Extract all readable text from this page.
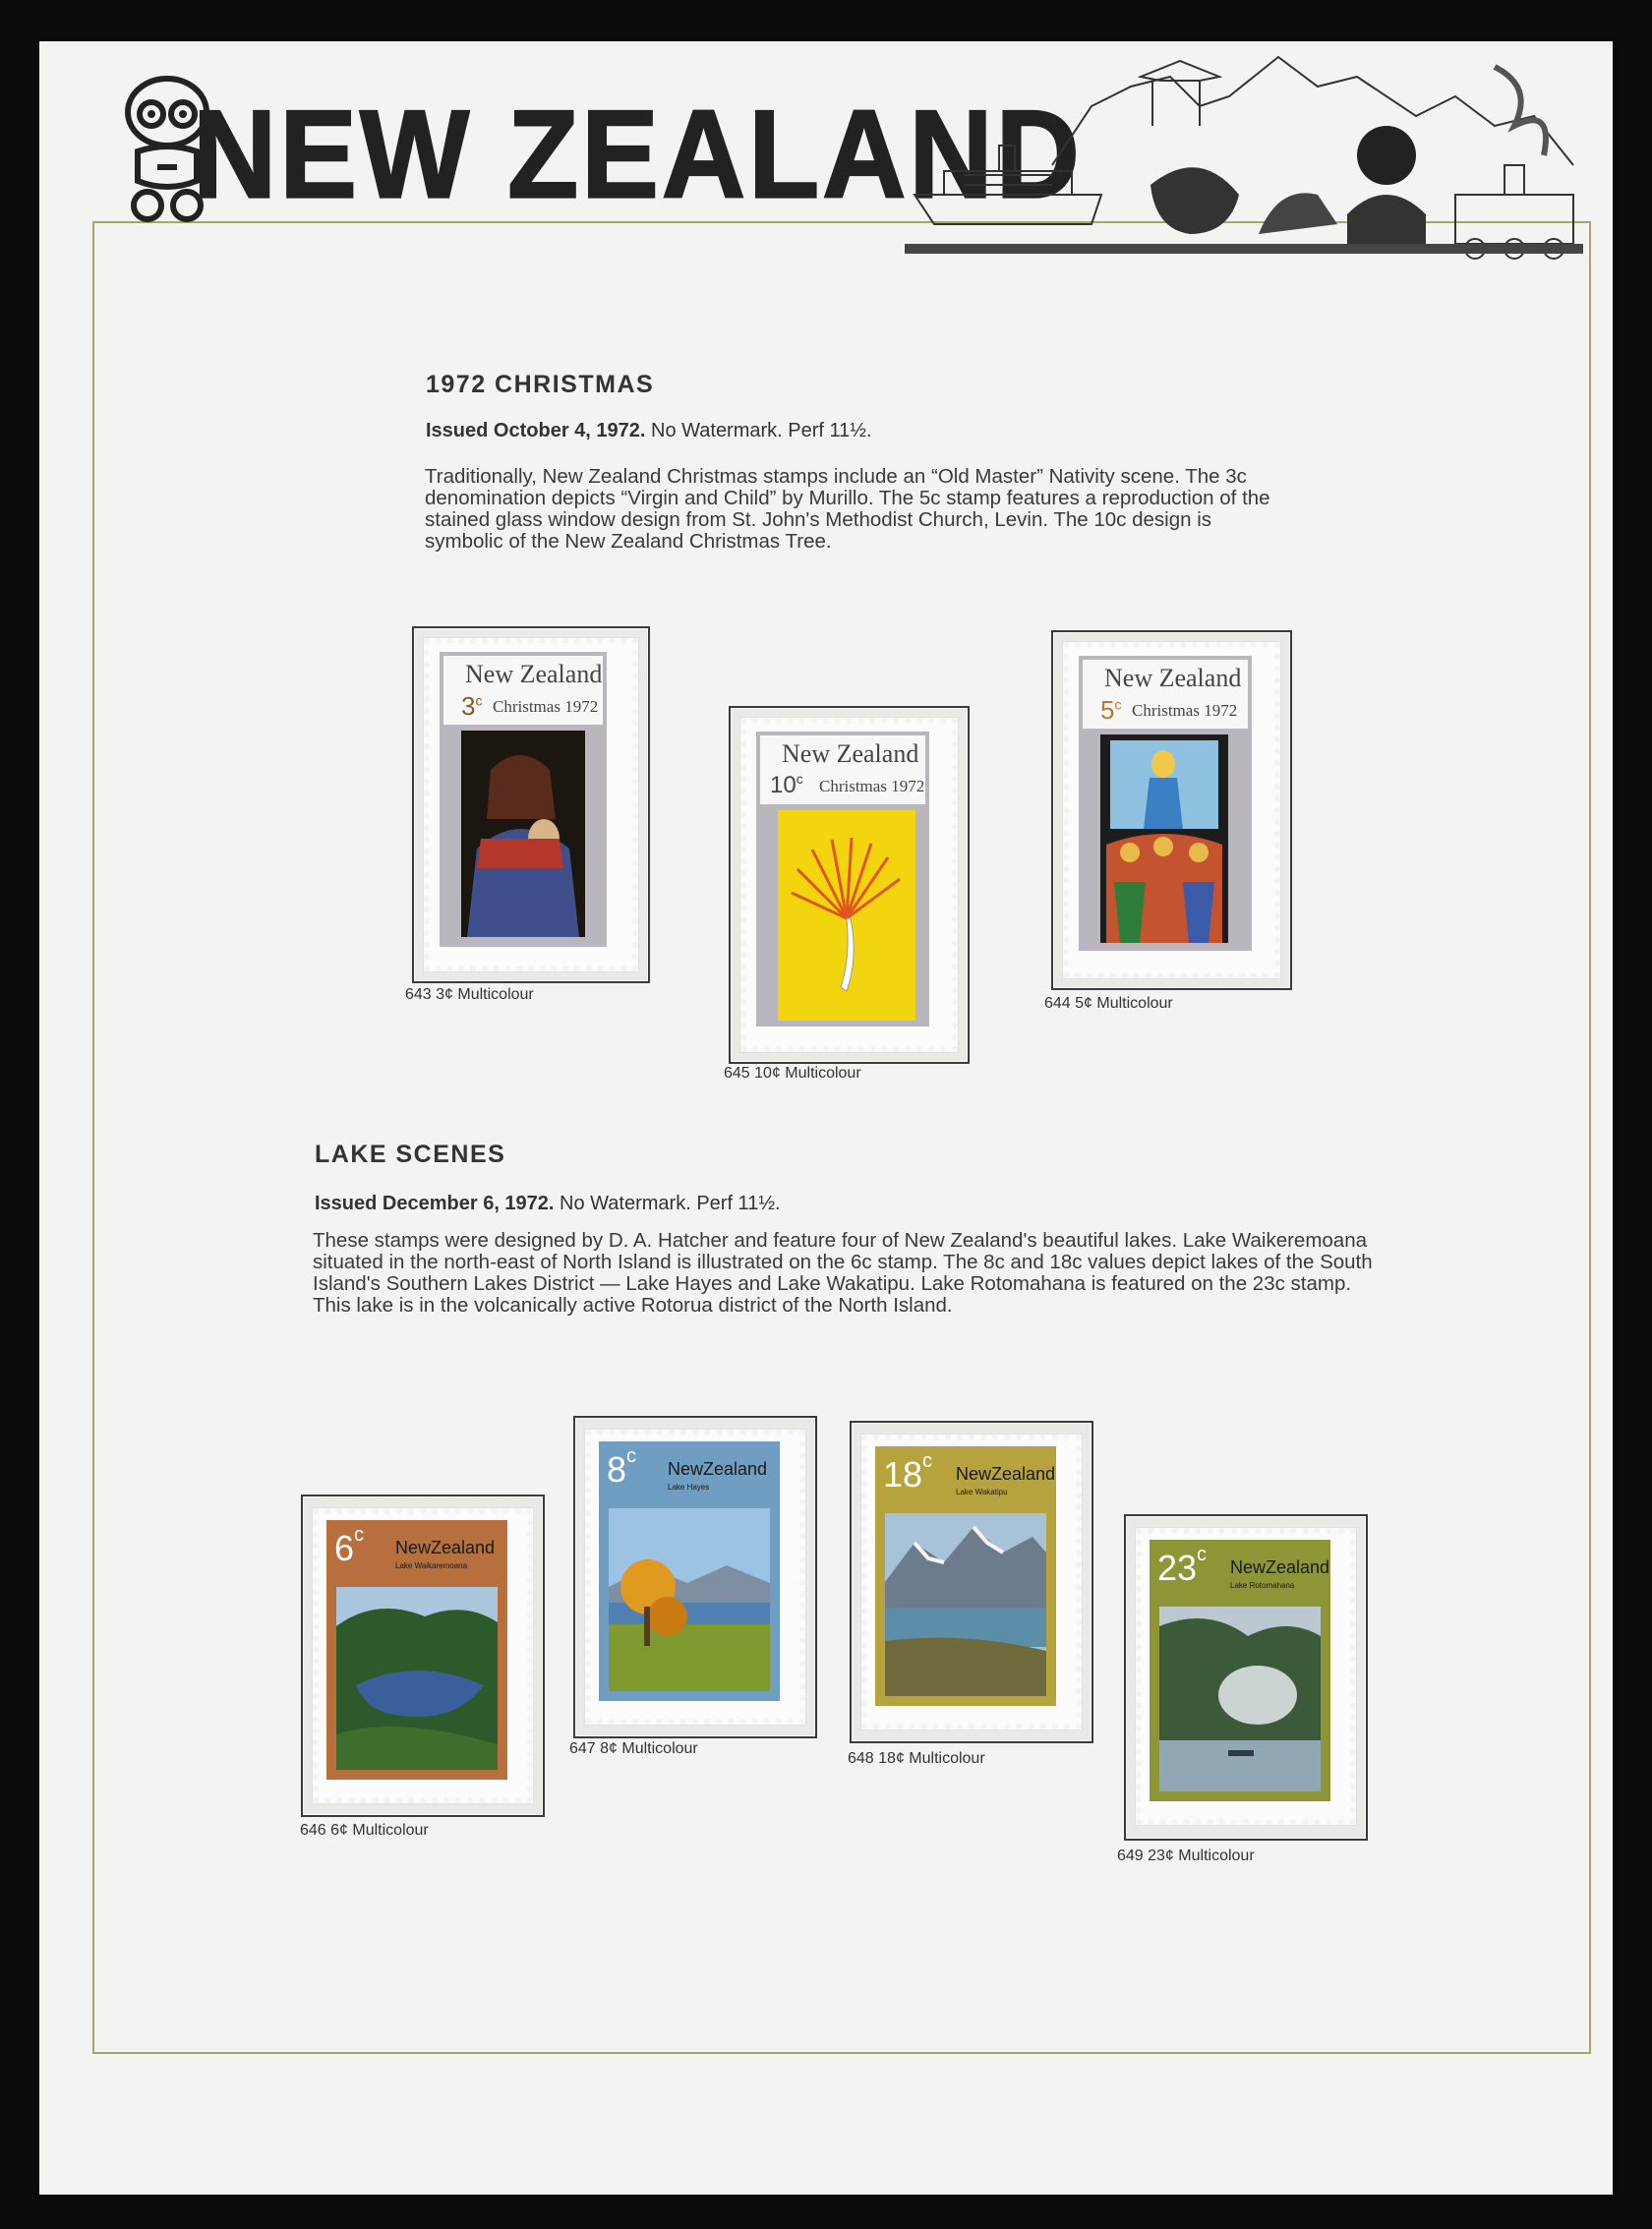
NEW ZEALAND
1972 CHRISTMAS
Issued October 4, 1972. No Watermark. Perf 11½.
Traditionally, New Zealand Christmas stamps include an “Old Master” Nativity scene. The 3c denomination depicts “Virgin and Child” by Murillo. The 5c stamp features a reproduction of the stained glass window design from St. John's Methodist Church, Levin. The 10c design is symbolic of the New Zealand Christmas Tree.
New Zealand
3$^c$ Christmas 1972
643 3¢ Multicolour
New Zealand
10$^c$ Christmas 1972
645 10¢ Multicolour
New Zealand
5$^c$ Christmas 1972
644 5¢ Multicolour
LAKE SCENES
Issued December 6, 1972. No Watermark. Perf 11½.
These stamps were designed by D. A. Hatcher and feature four of New Zealand's beautiful lakes. Lake Waikeremoana situated in the north-east of North Island is illustrated on the 6c stamp. The 8c and 18c values depict lakes of the South Island's Southern Lakes District — Lake Hayes and Lake Wakatipu. Lake Rotomahana is featured on the 23c stamp. This lake is in the volcanically active Rotorua district of the North Island.
6$^c$
NewZealand
Lake Waikaremoana
646 6¢ Multicolour
8$^c$
NewZealand
Lake Hayes
647 8¢ Multicolour
18$^c$
NewZealand
Lake Wakatipu
648 18¢ Multicolour
23$^c$
NewZealand
Lake Rotomahana
649 23¢ Multicolour
